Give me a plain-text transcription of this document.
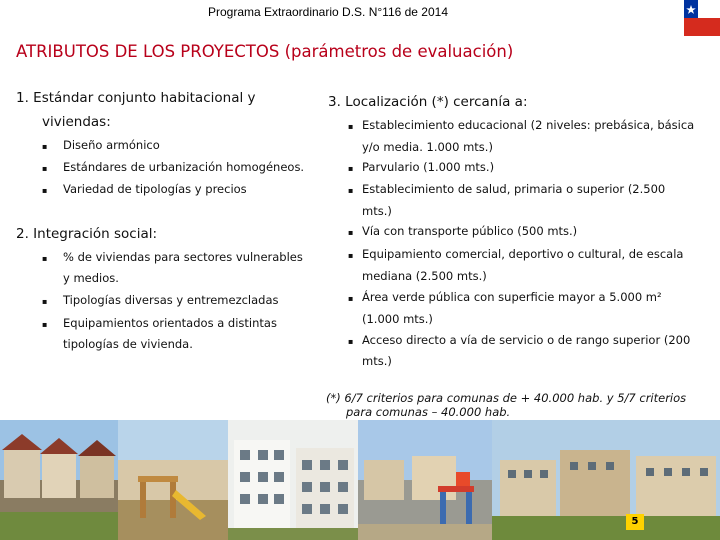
Programa Extraordinario D.S. N°116 de 2014
ATRIBUTOS DE LOS PROYECTOS (parámetros de evaluación)
1. Estándar conjunto habitacional y
viviendas:
▪ Diseño armónico
▪ Estándares de urbanización homogéneos.
▪ Variedad de tipologías y precios
2. Integración social:
▪ % de viviendas para sectores vulnerables
y medios.
▪ Tipologías diversas y entremezcladas
▪ Equipamientos orientados a distintas
tipologías de vivienda.
3. Localización (*) cercanía a:
▪ Establecimiento educacional (2 niveles: prebásica, básica
y/o media. 1.000 mts.)
▪ Parvulario (1.000 mts.)
▪ Establecimiento de salud, primaria o superior (2.500
mts.)
▪ Vía con transporte público (500 mts.)
▪ Equipamiento comercial, deportivo o cultural, de escala
mediana (2.500 mts.)
▪ Área verde pública con superficie mayor a 5.000 m²
(1.000 mts.)
▪ Acceso directo a vía de servicio o de rango superior (200
mts.)
(*) 6/7 criterios para comunas de + 40.000 hab. y 5/7 criterios
para comunas – 40.000 hab.
5
